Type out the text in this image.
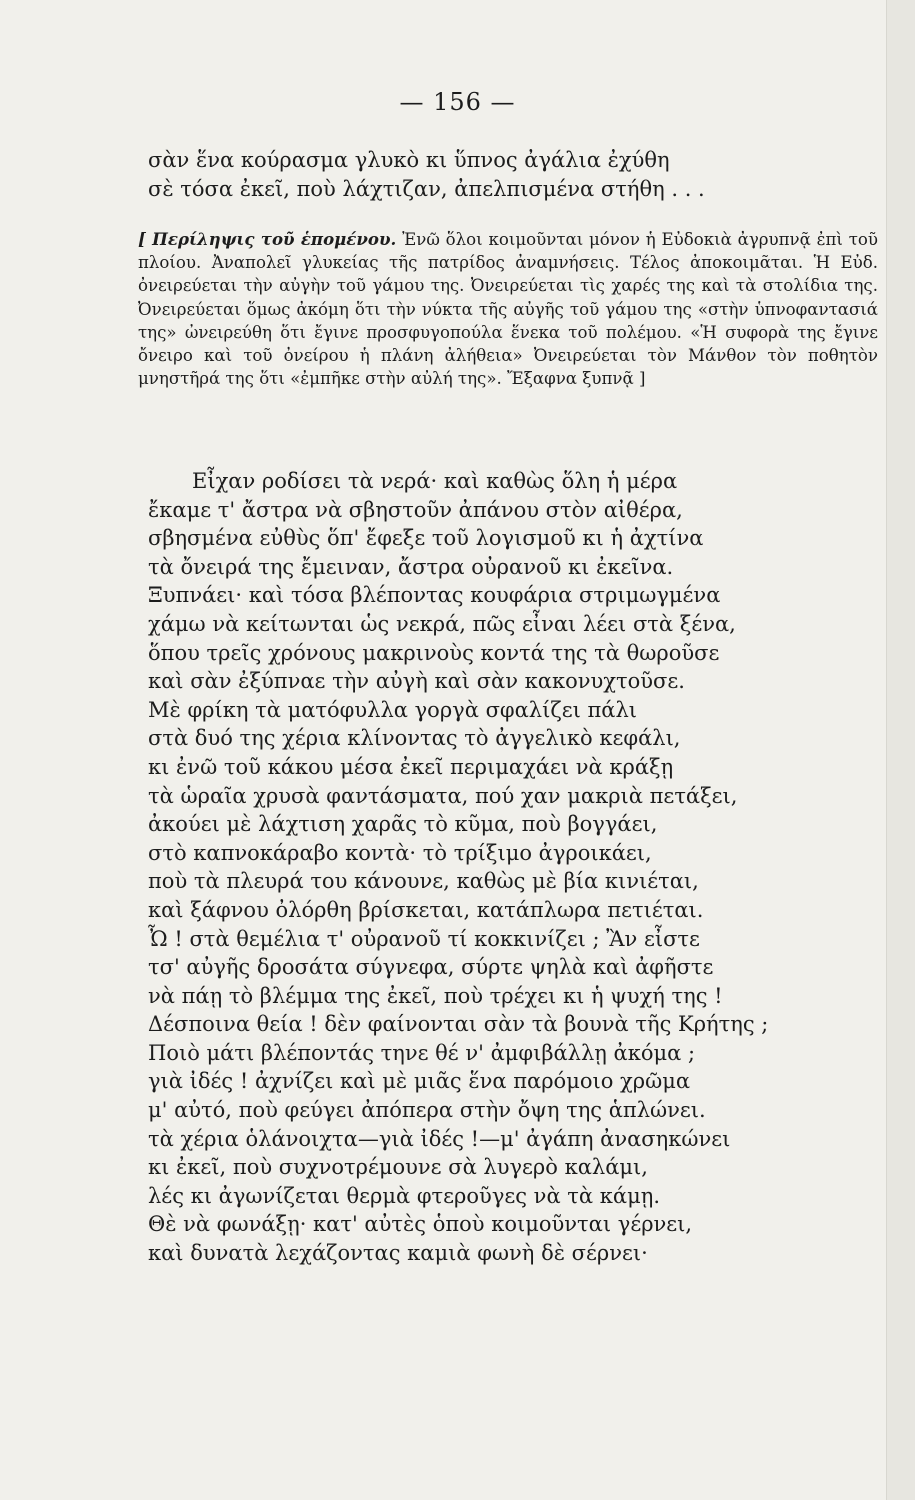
— 156 —
σὰν ἕνα κούρασμα γλυκὸ κι ὕπνος ἀγάλια ἐχύθη
σὲ τόσα ἐκεῖ, ποὺ λάχτιζαν, ἀπελπισμένα στήθη . . .
[ Περίληψις τοῦ ἑπομένου. Ἐνῶ ὅλοι κοιμοῦνται μόνον ἡ Εὐδοκιὰ ἀγρυπνᾷ ἐπὶ τοῦ πλοίου. Ἀναπολεῖ γλυκείας τῆς πατρίδος ἀναμνήσεις. Τέλος ἀποκοιμᾶται. Ἡ Εὐδ. ὀνειρεύεται τὴν αὐγὴν τοῦ γάμου της. Ὀνειρεύεται τὶς χαρές της καὶ τὰ στολίδια της. Ὀνειρεύεται ὅμως ἀκόμη ὅτι τὴν νύκτα τῆς αὐγῆς τοῦ γάμου της «στὴν ὑπνοφαντασιά της» ὠνειρεύθη ὅτι ἔγινε προσφυγοπούλα ἕνεκα τοῦ πολέμου. «Ἡ συφορὰ της ἔγινε ὄνειρο καὶ τοῦ ὀνείρου ἡ πλάνη ἀλήθεια» Ὀνειρεύεται τὸν Μάνθον τὸν ποθητὸν μνηστῆρά της ὅτι «ἐμπῆκε στὴν αὐλή της». Ἔξαφνα ξυπνᾷ ]
Εἶχαν ροδίσει τὰ νερά· καὶ καθὼς ὅλη ἡ μέρα
ἔκαμε τ' ἄστρα νὰ σβηστοῦν ἀπάνου στὸν αἰθέρα,
σβησμένα εὐθὺς ὅπ' ἔφεξε τοῦ λογισμοῦ κι ἡ ἀχτίνα
τὰ ὄνειρά της ἔμειναν, ἄστρα οὐρανοῦ κι ἐκεῖνα.
Ξυπνάει· καὶ τόσα βλέποντας κουφάρια στριμωγμένα
χάμω νὰ κείτωνται ὡς νεκρά, πῶς εἶναι λέει στὰ ξένα,
ὅπου τρεῖς χρόνους μακρινοὺς κοντά της τὰ θωροῦσε
καὶ σὰν ἐξύπναε τὴν αὐγὴ καὶ σὰν κακονυχτοῦσε.
Μὲ φρίκη τὰ ματόφυλλα γοργὰ σφαλίζει πάλι
στὰ δυό της χέρια κλίνοντας τὸ ἀγγελικὸ κεφάλι,
κι ἐνῶ τοῦ κάκου μέσα ἐκεῖ περιμαχάει νὰ κράξῃ
τὰ ὡραῖα χρυσὰ φαντάσματα, πού χαν μακριὰ πετάξει,
ἀκούει μὲ λάχτιση χαρᾶς τὸ κῦμα, ποὺ βογγάει,
στὸ καπνοκάραβο κοντὰ· τὸ τρίξιμο ἀγροικάει,
ποὺ τὰ πλευρά του κάνουνε, καθὼς μὲ βία κινιέται,
καὶ ξάφνου ὀλόρθη βρίσκεται, κατάπλωρα πετιέται.
Ὦ ! στὰ θεμέλια τ' οὐρανοῦ τί κοκκινίζει ; Ἂν εἶστε
τσ' αὐγῆς δροσάτα σύγνεφα, σύρτε ψηλὰ καὶ ἀφῆστε
νὰ πάῃ τὸ βλέμμα της ἐκεῖ, ποὺ τρέχει κι ἡ ψυχή της !
Δέσποινα θεία ! δὲν φαίνονται σὰν τὰ βουνὰ τῆς Κρήτης ;
Ποιὸ μάτι βλέποντάς τηνε θέ ν' ἀμφιβάλλῃ ἀκόμα ;
γιὰ ἰδές ! ἀχνίζει καὶ μὲ μιᾶς ἕνα παρόμοιο χρῶμα
μ' αὐτό, ποὺ φεύγει ἀπόπερα στὴν ὄψη της ἁπλώνει.
τὰ χέρια ὁλάνοιχτα—γιὰ ἰδές !—μ' ἀγάπη ἀνασηκώνει
κι ἐκεῖ, ποὺ συχνοτρέμουνε σὰ λυγερὸ καλάμι,
λές κι ἀγωνίζεται θερμὰ φτεροῦγες νὰ τὰ κάμῃ.
Θὲ νὰ φωνάξῃ· κατ' αὐτὲς ὁποὺ κοιμοῦνται γέρνει,
καὶ δυνατὰ λεχάζοντας καμιὰ φωνὴ δὲ σέρνει·
